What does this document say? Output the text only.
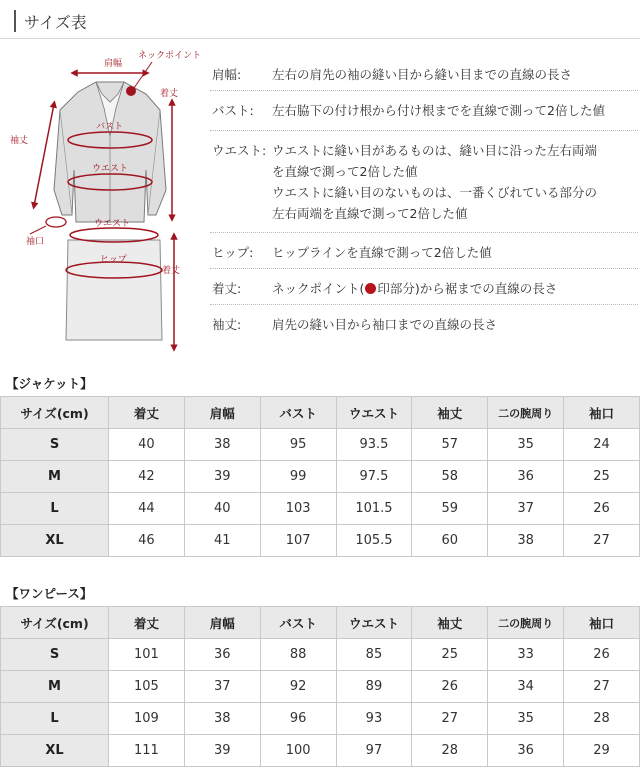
サイズ表
肩幅
ネックポイント
着丈
袖丈
バスト
ウエスト
袖口
ウエスト
ヒップ
着丈
肩幅: 左右の肩先の袖の縫い目から縫い目までの直線の長さ
バスト: 左右脇下の付け根から付け根までを直線で測って2倍した値
ウエスト: ウエストに縫い目があるものは、縫い目に沿った左右両端
を直線で測って2倍した値
ウエストに縫い目のないものは、一番くびれている部分の
左右両端を直線で測って2倍した値
ヒップ: ヒップラインを直線で測って2倍した値
着丈: ネックポイント( 印部分)から裾までの直線の長さ
袖丈: 肩先の縫い目から袖口までの直線の長さ
【ジャケット】
サイズ(cm)	着丈	肩幅	バスト	ウエスト	袖丈	二の腕周り	袖口
S	40	38	95	93.5	57	35	24
M	42	39	99	97.5	58	36	25
L	44	40	103	101.5	59	37	26
XL	46	41	107	105.5	60	38	27
【ワンピース】
サイズ(cm)	着丈	肩幅	バスト	ウエスト	袖丈	二の腕周り	袖口
S	101	36	88	85	25	33	26
M	105	37	92	89	26	34	27
L	109	38	96	93	27	35	28
XL	111	39	100	97	28	36	29
